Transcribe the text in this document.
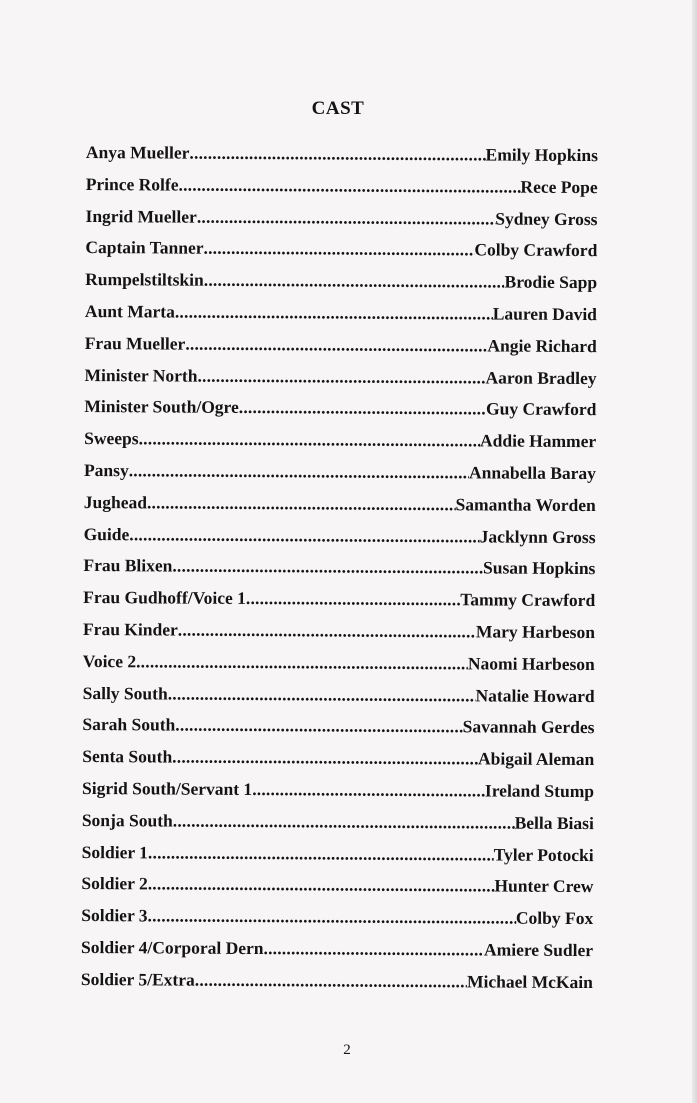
CAST
Anya Mueller .....	Emily Hopkins
Prince Rolfe .....	Rece Pope
Ingrid Mueller .....	Sydney Gross
Captain Tanner .....	Colby Crawford
Rumpelstiltskin .....	Brodie Sapp
Aunt Marta .....	Lauren David
Frau Mueller .....	Angie Richard
Minister North .....	Aaron Bradley
Minister South/Ogre .....	Guy Crawford
Sweeps .....	Addie Hammer
Pansy .....	Annabella Baray
Jughead .....	Samantha Worden
Guide .....	Jacklynn Gross
Frau Blixen .....	Susan Hopkins
Frau Gudhoff/Voice 1 .....	Tammy Crawford
Frau Kinder .....	Mary Harbeson
Voice 2 .....	Naomi Harbeson
Sally South .....	Natalie Howard
Sarah South .....	Savannah Gerdes
Senta South .....	Abigail Aleman
Sigrid South/Servant 1 .....	Ireland Stump
Sonja South .....	Bella Biasi
Soldier 1 .....	Tyler Potocki
Soldier 2 .....	Hunter Crew
Soldier 3 .....	Colby Fox
Soldier 4/Corporal Dern .....	Amiere Sudler
Soldier 5/Extra .....	Michael McKain
2
